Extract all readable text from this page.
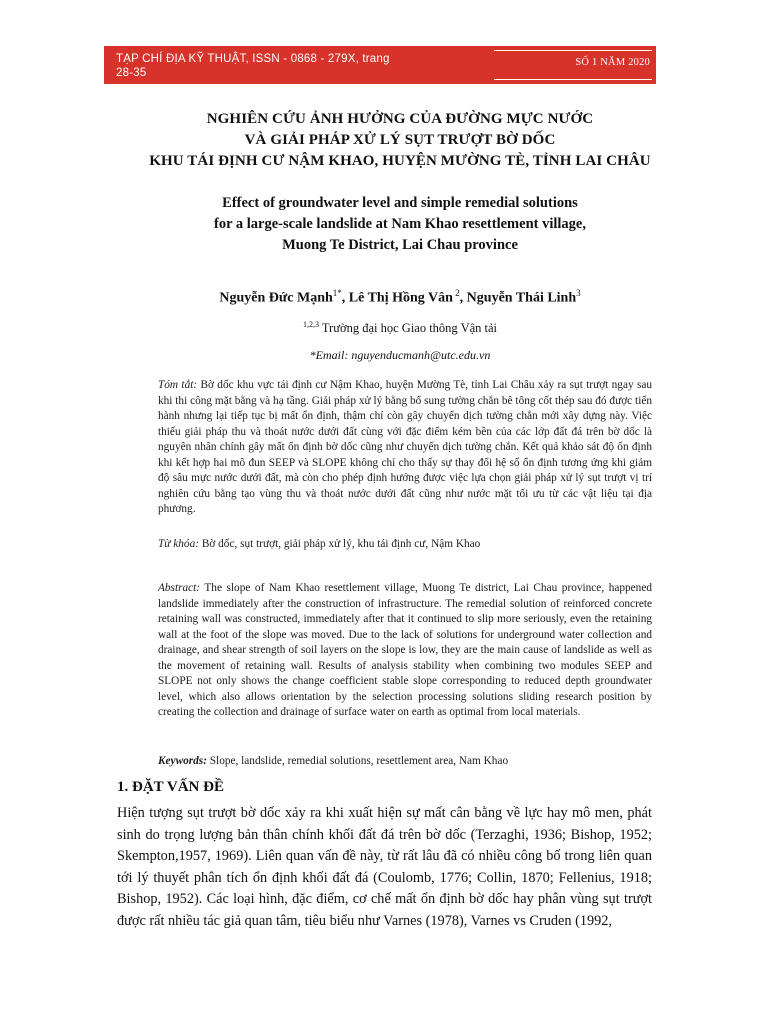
TẠP CHÍ ĐỊA KỸ THUẬT, ISSN - 0868 - 279X, trang 28-35
SỐ 1 NĂM 2020
NGHIÊN CỨU ẢNH HƯỞNG CỦA ĐƯỜNG MỰC NƯỚC
VÀ GIẢI PHÁP XỬ LÝ SỤT TRƯỢT BỜ DỐC
KHU TÁI ĐỊNH CƯ NẬM KHAO, HUYỆN MƯỜNG TÈ, TỈNH LAI CHÂU
Effect of groundwater level and simple remedial solutions
for a large-scale landslide at Nam Khao resettlement village,
Muong Te District, Lai Chau province
Nguyễn Đức Mạnh$^{1*}$, Lê Thị Hồng Vân $^2$, Nguyễn Thái Linh$^3$
$^{1,2,3}$ Trường đại học Giao thông Vận tải
*Email: nguyenducmanh@utc.edu.vn
Tóm tắt: Bờ dốc khu vực tái định cư Nậm Khao, huyện Mường Tè, tỉnh Lai Châu xảy ra sụt trượt ngay sau khi thi công mặt bằng và hạ tầng. Giải pháp xử lý bằng bổ sung tường chắn bê tông cốt thép sau đó được tiến hành nhưng lại tiếp tục bị mất ổn định, thậm chí còn gây chuyển dịch tường chắn mới xây dựng này. Việc thiếu giải pháp thu và thoát nước dưới đất cùng với đặc điểm kém bền của các lớp đất đá trên bờ dốc là nguyên nhân chính gây mất ổn định bờ dốc cũng như chuyển dịch tường chắn. Kết quả khảo sát độ ổn định khi kết hợp hai mô đun SEEP và SLOPE không chỉ cho thấy sự thay đổi hệ số ổn định tương ứng khi giảm độ sâu mực nước dưới đất, mà còn cho phép định hướng được việc lựa chọn giải pháp xử lý sụt trượt vị trí nghiên cứu bằng tạo vùng thu và thoát nước dưới đất cũng như nước mặt tối ưu từ các vật liệu tại địa phương.
Từ khóa: Bờ dốc, sụt trượt, giải pháp xử lý, khu tái định cư, Nậm Khao
Abstract: The slope of Nam Khao resettlement village, Muong Te district, Lai Chau province, happened landslide immediately after the construction of infrastructure. The remedial solution of reinforced concrete retaining wall was constructed, immediately after that it continued to slip more seriously, even the retaining wall at the foot of the slope was moved. Due to the lack of solutions for underground water collection and drainage, and shear strength of soil layers on the slope is low, they are the main cause of landslide as well as the movement of retaining wall. Results of analysis stability when combining two modules SEEP and SLOPE not only shows the change coefficient stable slope corresponding to reduced depth groundwater level, which also allows orientation by the selection processing solutions sliding research position by creating the collection and drainage of surface water on earth as optimal from local materials.
Keywords: Slope, landslide, remedial solutions, resettlement area, Nam Khao
1. ĐẶT VẤN ĐỀ
Hiện tượng sụt trượt bờ dốc xảy ra khi xuất hiện sự mất cân bằng về lực hay mô men, phát sinh do trọng lượng bản thân chính khối đất đá trên bờ dốc (Terzaghi, 1936; Bishop, 1952; Skempton,1957, 1969). Liên quan vấn đề này, từ rất lâu đã có nhiều công bố trong liên quan tới lý thuyết phân tích ổn định khối đất đá (Coulomb, 1776; Collin, 1870; Fellenius, 1918; Bishop, 1952). Các loại hình, đặc điểm, cơ chế mất ổn định bờ dốc hay phân vùng sụt trượt được rất nhiều tác giả quan tâm, tiêu biểu như Varnes (1978), Varnes vs Cruden (1992,
